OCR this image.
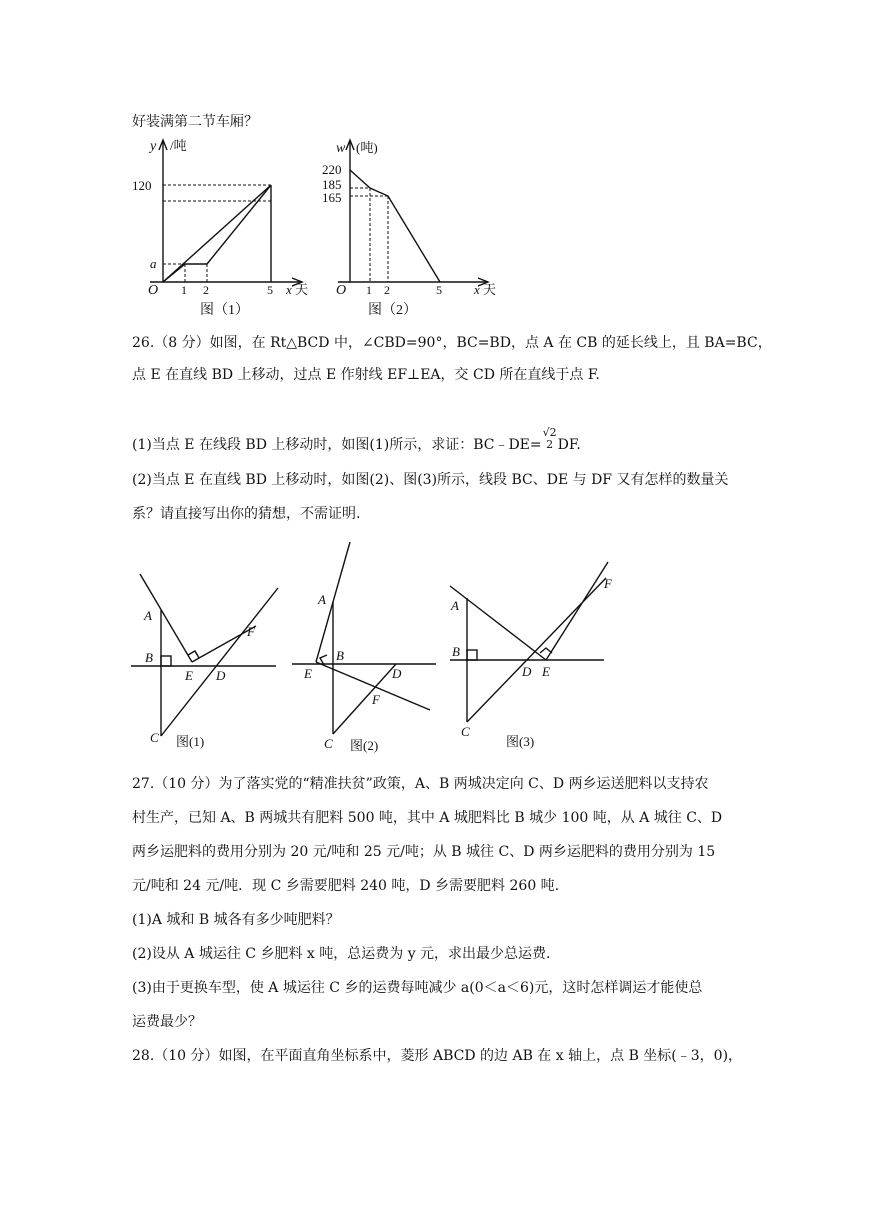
好装满第二节车厢？
y /吨
120
a
O 1 2	5 x 天
图（1）
w (吨)
220
185
165
O 1 2	5 x 天
图（2）
26.（8 分）如图，在 Rt△BCD 中，∠CBD=90°，BC=BD，点 A 在 CB 的延长线上，且 BA=BC，
点 E 在直线 BD 上移动，过点 E 作射线 EF⊥EA，交 CD 所在直线于点 F.
(1)当点 E 在线段 BD 上移动时，如图(1)所示，求证：BC﹣DE=
√2
2 DF.
(2)当点 E 在直线 BD 上移动时，如图(2)、图(3)所示，线段 BC、DE 与 DF 又有怎样的数量关
系？请直接写出你的猜想，不需证明.
A
B
E D
F
C 图(1)
A
B
E	D
F
C 图(2)
A
B
D E
F
C
图(3)
27.（10 分）为了落实党的“精准扶贫”政策，A、B 两城决定向 C、D 两乡运送肥料以支持农
村生产，已知 A、B 两城共有肥料 500 吨，其中 A 城肥料比 B 城少 100 吨，从 A 城往 C、D
两乡运肥料的费用分别为 20 元/吨和 25 元/吨；从 B 城往 C、D 两乡运肥料的费用分别为 15
元/吨和 24 元/吨．现 C 乡需要肥料 240 吨，D 乡需要肥料 260 吨.
(1)A 城和 B 城各有多少吨肥料？
(2)设从 A 城运往 C 乡肥料 x 吨，总运费为 y 元，求出最少总运费.
(3)由于更换车型，使 A 城运往 C 乡的运费每吨减少 a(0＜a＜6)元，这时怎样调运才能使总
运费最少？
28.（10 分）如图，在平面直角坐标系中，菱形 ABCD 的边 AB 在 x 轴上，点 B 坐标(﹣3，0)，
